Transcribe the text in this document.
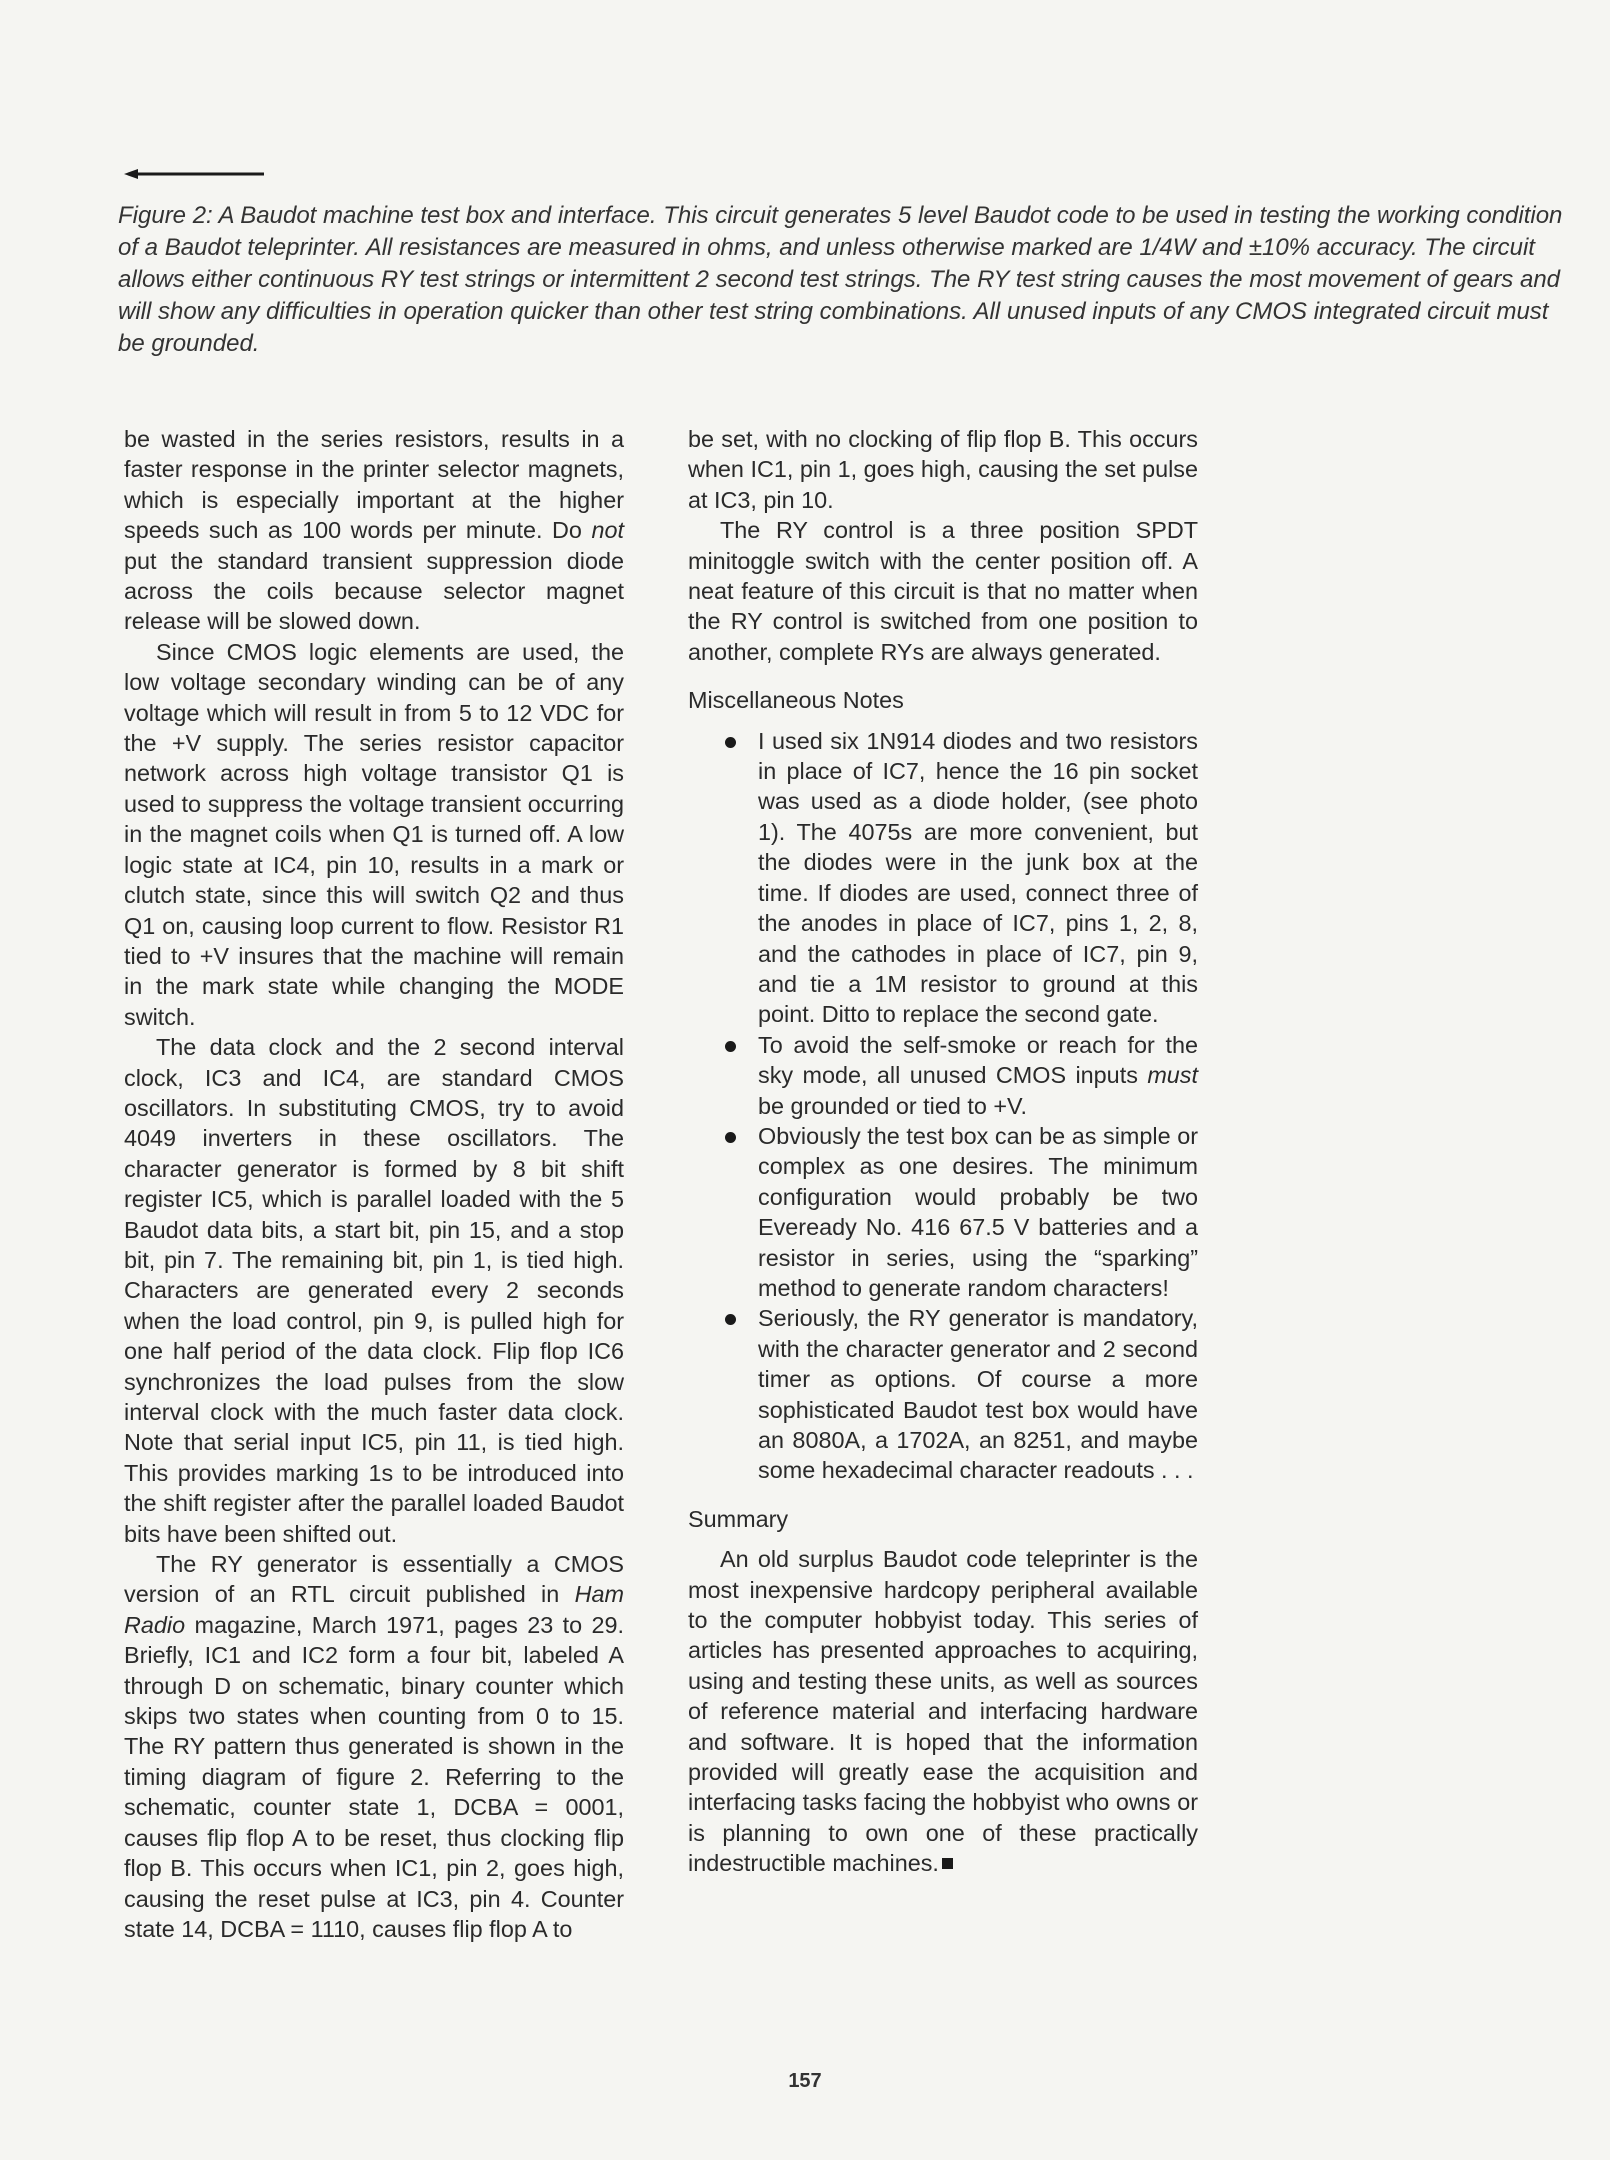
Figure 2: A Baudot machine test box and interface. This circuit generates 5 level Baudot code to be used in testing the working condition of a Baudot teleprinter. All resistances are measured in ohms, and unless otherwise marked are 1/4W and ±10% accuracy. The circuit allows either continuous RY test strings or intermittent 2 second test strings. The RY test string causes the most movement of gears and will show any difficulties in operation quicker than other test string combinations. All unused inputs of any CMOS integrated circuit must be grounded.

be wasted in the series resistors, results in a faster response in the printer selector magnets, which is especially important at the higher speeds such as 100 words per minute. Do not put the standard transient suppression diode across the coils because selector magnet release will be slowed down.

Since CMOS logic elements are used, the low voltage secondary winding can be of any voltage which will result in from 5 to 12 VDC for the +V supply. The series resistor capacitor network across high voltage transistor Q1 is used to suppress the voltage transient occurring in the magnet coils when Q1 is turned off. A low logic state at IC4, pin 10, results in a mark or clutch state, since this will switch Q2 and thus Q1 on, causing loop current to flow. Resistor R1 tied to +V insures that the machine will remain in the mark state while changing the MODE switch.

The data clock and the 2 second interval clock, IC3 and IC4, are standard CMOS oscillators. In substituting CMOS, try to avoid 4049 inverters in these oscillators. The character generator is formed by 8 bit shift register IC5, which is parallel loaded with the 5 Baudot data bits, a start bit, pin 15, and a stop bit, pin 7. The remaining bit, pin 1, is tied high. Characters are generated every 2 seconds when the load control, pin 9, is pulled high for one half period of the data clock. Flip flop IC6 synchronizes the load pulses from the slow interval clock with the much faster data clock. Note that serial input IC5, pin 11, is tied high. This provides marking 1s to be introduced into the shift register after the parallel loaded Baudot bits have been shifted out.

The RY generator is essentially a CMOS version of an RTL circuit published in Ham Radio magazine, March 1971, pages 23 to 29. Briefly, IC1 and IC2 form a four bit, labeled A through D on schematic, binary counter which skips two states when counting from 0 to 15. The RY pattern thus generated is shown in the timing diagram of figure 2. Referring to the schematic, counter state 1, DCBA = 0001, causes flip flop A to be reset, thus clocking flip flop B. This occurs when IC1, pin 2, goes high, causing the reset pulse at IC3, pin 4. Counter state 14, DCBA = 1110, causes flip flop A to

be set, with no clocking of flip flop B. This occurs when IC1, pin 1, goes high, causing the set pulse at IC3, pin 10.

The RY control is a three position SPDT minitoggle switch with the center position off. A neat feature of this circuit is that no matter when the RY control is switched from one position to another, complete RYs are always generated.

Miscellaneous Notes
I used six 1N914 diodes and two resistors in place of IC7, hence the 16 pin socket was used as a diode holder, (see photo 1). The 4075s are more convenient, but the diodes were in the junk box at the time. If diodes are used, connect three of the anodes in place of IC7, pins 1, 2, 8, and the cathodes in place of IC7, pin 9, and tie a 1M resistor to ground at this point. Ditto to replace the second gate.
To avoid the self-smoke or reach for the sky mode, all unused CMOS inputs must be grounded or tied to +V.
Obviously the test box can be as simple or complex as one desires. The minimum configuration would probably be two Eveready No. 416 67.5 V batteries and a resistor in series, using the “sparking” method to generate random characters!
Seriously, the RY generator is mandatory, with the character generator and 2 second timer as options. Of course a more sophisticated Baudot test box would have an 8080A, a 1702A, an 8251, and maybe some hexadecimal character readouts . . .
Summary

An old surplus Baudot code teleprinter is the most inexpensive hardcopy peripheral available to the computer hobbyist today. This series of articles has presented approaches to acquiring, using and testing these units, as well as sources of reference material and interfacing hardware and software. It is hoped that the information provided will greatly ease the acquisition and interfacing tasks facing the hobbyist who owns or is planning to own one of these practically indestructible machines.

157
